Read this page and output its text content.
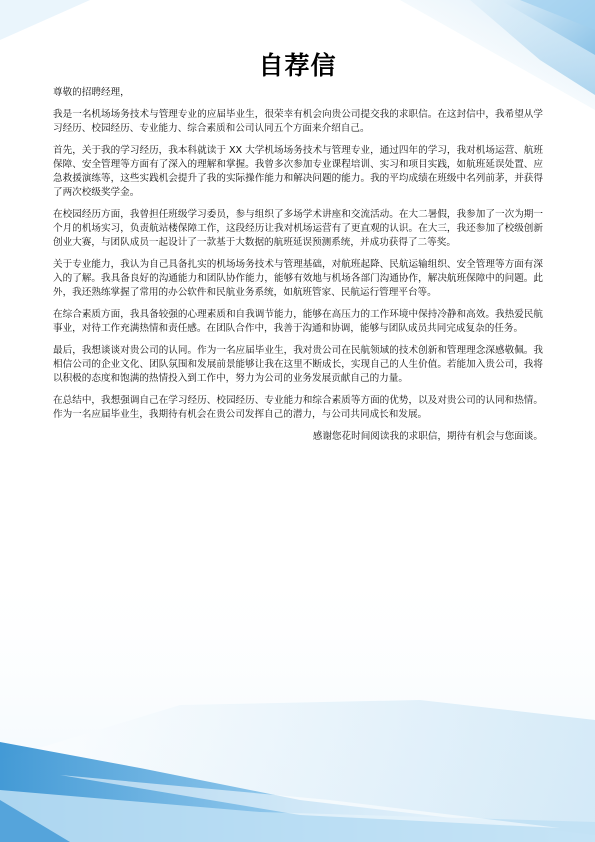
自荐信

尊敬的招聘经理，

我是一名机场场务技术与管理专业的应届毕业生，很荣幸有机会向贵公司提交我的求职信。在这封信中，我希望从学习经历、校园经历、专业能力、综合素质和公司认同五个方面来介绍自己。

首先，关于我的学习经历，我本科就读于 XX 大学机场场务技术与管理专业，通过四年的学习，我对机场运营、航班保障、安全管理等方面有了深入的理解和掌握。我曾多次参加专业课程培训、实习和项目实践，如航班延误处置、应急救援演练等，这些实践机会提升了我的实际操作能力和解决问题的能力。我的平均成绩在班级中名列前茅，并获得了两次校级奖学金。

在校园经历方面，我曾担任班级学习委员，参与组织了多场学术讲座和交流活动。在大二暑假，我参加了一次为期一个月的机场实习，负责航站楼保障工作，这段经历让我对机场运营有了更直观的认识。在大三，我还参加了校级创新创业大赛，与团队成员一起设计了一款基于大数据的航班延误预测系统，并成功获得了二等奖。

关于专业能力，我认为自己具备扎实的机场场务技术与管理基础，对航班起降、民航运输组织、安全管理等方面有深入的了解。我具备良好的沟通能力和团队协作能力，能够有效地与机场各部门沟通协作，解决航班保障中的问题。此外，我还熟练掌握了常用的办公软件和民航业务系统，如航班管家、民航运行管理平台等。

在综合素质方面，我具备较强的心理素质和自我调节能力，能够在高压力的工作环境中保持冷静和高效。我热爱民航事业，对待工作充满热情和责任感。在团队合作中，我善于沟通和协调，能够与团队成员共同完成复杂的任务。

最后，我想谈谈对贵公司的认同。作为一名应届毕业生，我对贵公司在民航领域的技术创新和管理理念深感敬佩。我相信公司的企业文化、团队氛围和发展前景能够让我在这里不断成长，实现自己的人生价值。若能加入贵公司，我将以积极的态度和饱满的热情投入到工作中，努力为公司的业务发展贡献自己的力量。

在总结中，我想强调自己在学习经历、校园经历、专业能力和综合素质等方面的优势，以及对贵公司的认同和热情。作为一名应届毕业生，我期待有机会在贵公司发挥自己的潜力，与公司共同成长和发展。

感谢您花时间阅读我的求职信，期待有机会与您面谈。
